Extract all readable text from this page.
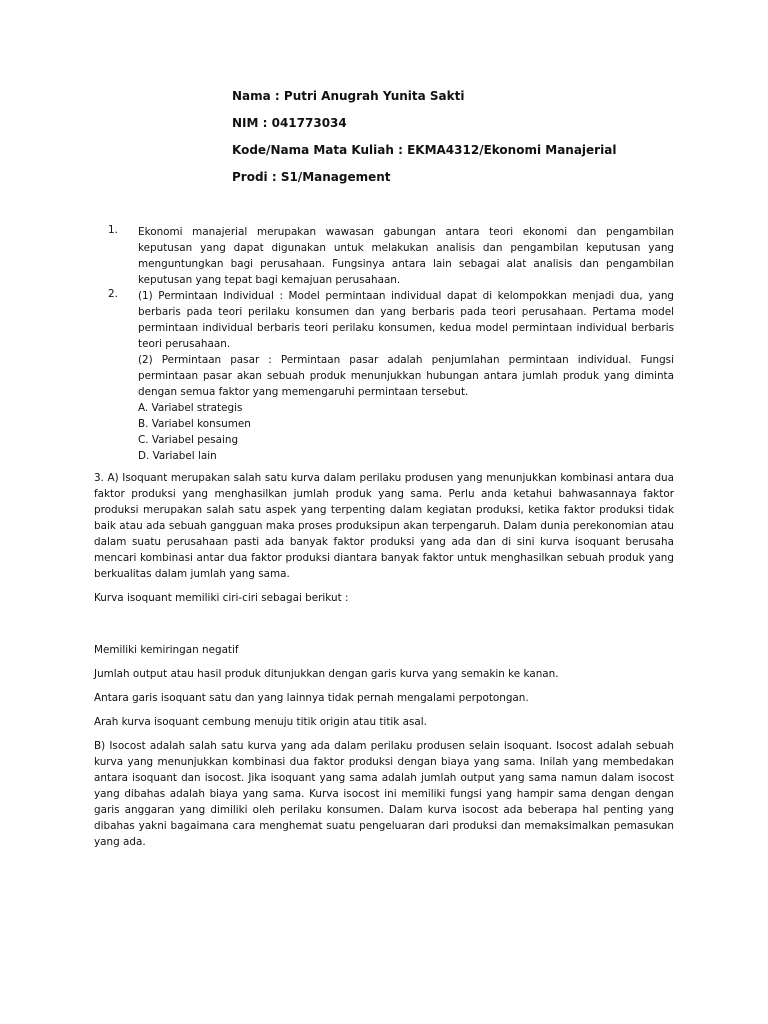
Nama : Putri Anugrah Yunita Sakti
NIM : 041773034
Kode/Nama Mata Kuliah : EKMA4312/Ekonomi Manajerial
Prodi : S1/Management
1.	Ekonomi manajerial merupakan wawasan gabungan antara teori ekonomi dan pengambilan keputusan yang dapat digunakan untuk melakukan analisis dan pengambilan keputusan yang menguntungkan bagi perusahaan. Fungsinya antara lain sebagai alat analisis dan pengambilan keputusan yang tepat bagi kemajuan perusahaan.

2.	(1) Permintaan Individual : Model permintaan individual dapat di kelompokkan menjadi dua, yang berbaris pada teori perilaku konsumen dan yang berbaris pada teori perusahaan. Pertama model permintaan individual berbaris teori perilaku konsumen, kedua model permintaan individual berbaris teori perusahaan.

(2) Permintaan pasar : Permintaan pasar adalah penjumlahan permintaan individual. Fungsi permintaan pasar akan sebuah produk menunjukkan hubungan antara jumlah produk yang diminta dengan semua faktor yang memengaruhi permintaan tersebut.

A. Variabel strategis

B. Variabel konsumen

C. Variabel pesaing

D. Variabel lain

3. A) Isoquant merupakan salah satu kurva dalam perilaku produsen yang menunjukkan kombinasi antara dua faktor produksi yang menghasilkan jumlah produk yang sama. Perlu anda ketahui bahwasannaya faktor produksi merupakan salah satu aspek yang terpenting dalam kegiatan produksi, ketika faktor produksi tidak baik atau ada sebuah gangguan maka proses produksipun akan terpengaruh. Dalam dunia perekonomian atau dalam suatu perusahaan pasti ada banyak faktor produksi yang ada dan di sini kurva isoquant berusaha mencari kombinasi antar dua faktor produksi diantara banyak faktor untuk menghasilkan sebuah produk yang berkualitas dalam jumlah yang sama.

Kurva isoquant memiliki ciri-ciri sebagai berikut :

Memiliki kemiringan negatif

Jumlah output atau hasil produk ditunjukkan dengan garis kurva yang semakin ke kanan.

Antara garis isoquant satu dan yang lainnya tidak pernah mengalami perpotongan.

Arah kurva isoquant cembung menuju titik origin atau titik asal.

B) Isocost adalah salah satu kurva yang ada dalam perilaku produsen selain isoquant. Isocost adalah sebuah kurva yang menunjukkan kombinasi dua faktor produksi dengan biaya yang sama. Inilah yang membedakan antara isoquant dan isocost. Jika isoquant yang sama adalah jumlah output yang sama namun dalam isocost yang dibahas adalah biaya yang sama. Kurva isocost ini memiliki fungsi yang hampir sama dengan dengan garis anggaran yang dimiliki oleh perilaku konsumen. Dalam kurva isocost ada beberapa hal penting yang dibahas yakni bagaimana cara menghemat suatu pengeluaran dari produksi dan memaksimalkan pemasukan yang ada.
